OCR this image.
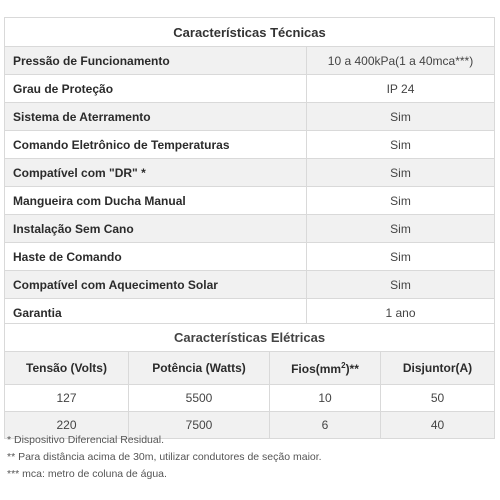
Características Técnicas	
Pressão de Funcionamento	10 a 400kPa(1 a 40mca***)
Grau de Proteção	IP 24
Sistema de Aterramento	Sim
Comando Eletrônico de Temperaturas	Sim
Compatível com "DR" *	Sim
Mangueira com Ducha Manual	Sim
Instalação Sem Cano	Sim
Haste de Comando	Sim
Compatível com Aquecimento Solar	Sim
Garantia	1 ano
Características Elétricas			
Tensão (Volts)	Potência (Watts)	$Fios(mm^2)**$	Disjuntor(A)
127	5500	10	50
220	7500	6	40
* Dispositivo Diferencial Residual.
** Para distância acima de 30m, utilizar condutores de seção maior.
*** mca: metro de coluna de água.
